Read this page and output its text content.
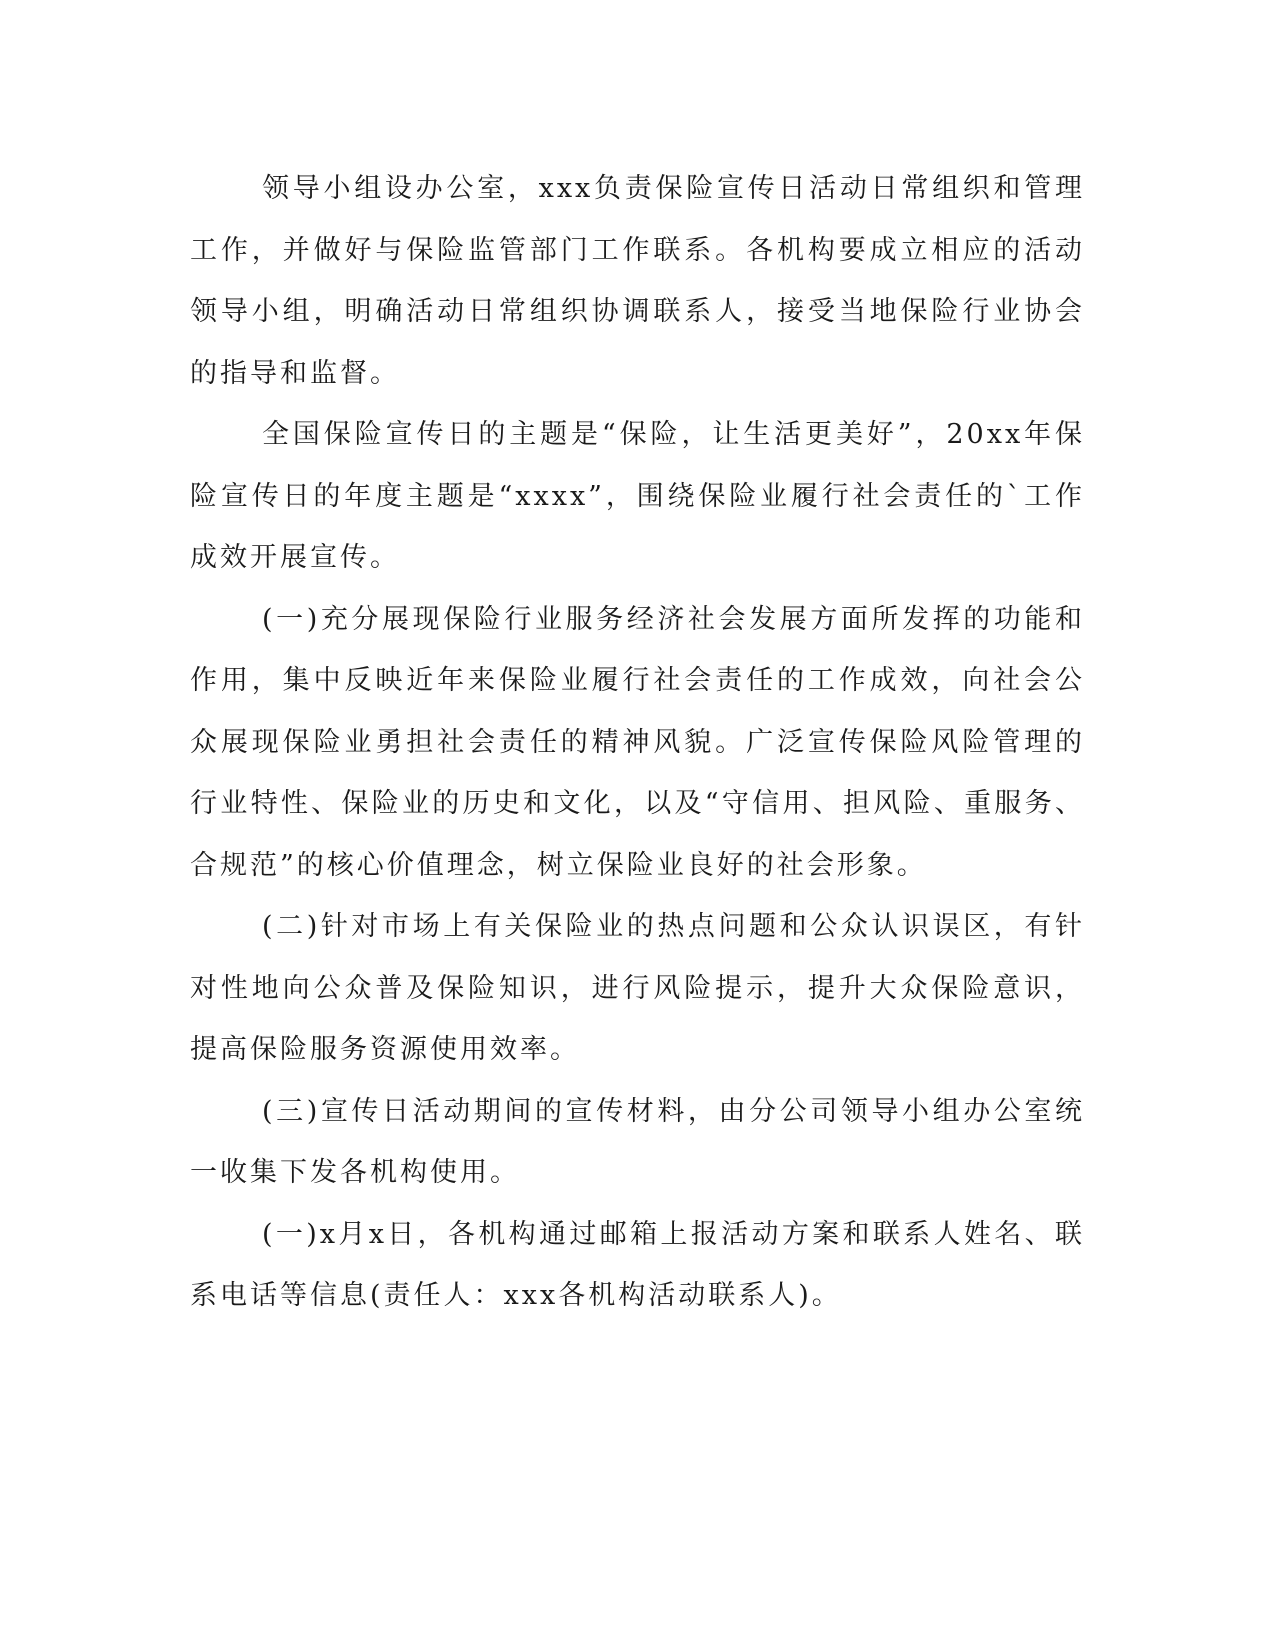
领导小组设办公室，xxx负责保险宣传日活动日常组织和管理工作，并做好与保险监管部门工作联系。各机构要成立相应的活动领导小组，明确活动日常组织协调联系人，接受当地保险行业协会的指导和监督。

全国保险宣传日的主题是“保险，让生活更美好”，20xx年保险宣传日的年度主题是“xxxx”，围绕保险业履行社会责任的`工作成效开展宣传。

(一)充分展现保险行业服务经济社会发展方面所发挥的功能和作用，集中反映近年来保险业履行社会责任的工作成效，向社会公众展现保险业勇担社会责任的精神风貌。广泛宣传保险风险管理的行业特性、保险业的历史和文化，以及“守信用、担风险、重服务、合规范”的核心价值理念，树立保险业良好的社会形象。

(二)针对市场上有关保险业的热点问题和公众认识误区，有针对性地向公众普及保险知识，进行风险提示，提升大众保险意识，提高保险服务资源使用效率。

(三)宣传日活动期间的宣传材料，由分公司领导小组办公室统一收集下发各机构使用。

(一)x月x日，各机构通过邮箱上报活动方案和联系人姓名、联系电话等信息(责任人：xxx各机构活动联系人)。
